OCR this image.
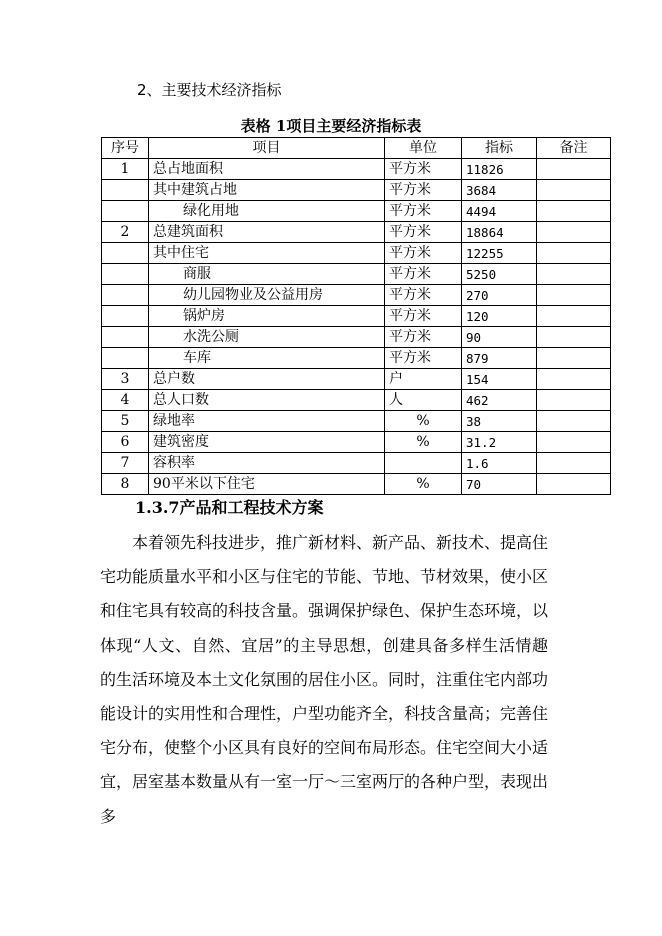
2、主要技术经济指标
表格 1项目主要经济指标表
序号	项目	单位	指标	备注
1	总占地面积	平方米	11826	
	其中建筑占地	平方米	3684	
	绿化用地	平方米	4494	
2	总建筑面积	平方米	18864	
	其中住宅	平方米	12255	
	商服	平方米	5250	
	幼儿园物业及公益用房	平方米	270	
	锅炉房	平方米	120	
	水洗公厕	平方米	90	
	车库	平方米	879	
3	总户数	户	154	
4	总人口数	人	462	
5	绿地率	%	38	
6	建筑密度	%	31.2	
7	容积率		1.6	
8	90平米以下住宅	%	70	
1.3.7产品和工程技术方案

本着领先科技进步，推广新材料、新产品、新技术、提高住宅功能质量水平和小区与住宅的节能、节地、节材效果，使小区和住宅具有较高的科技含量。强调保护绿色、保护生态环境，以体现“人文、自然、宜居”的主导思想，创建具备多样生活情趣的生活环境及本土文化氛围的居住小区。同时，注重住宅内部功能设计的实用性和合理性，户型功能齐全，科技含量高；完善住宅分布，使整个小区具有良好的空间布局形态。住宅空间大小适宜，居室基本数量从有一室一厅～三室两厅的各种户型，表现出多
